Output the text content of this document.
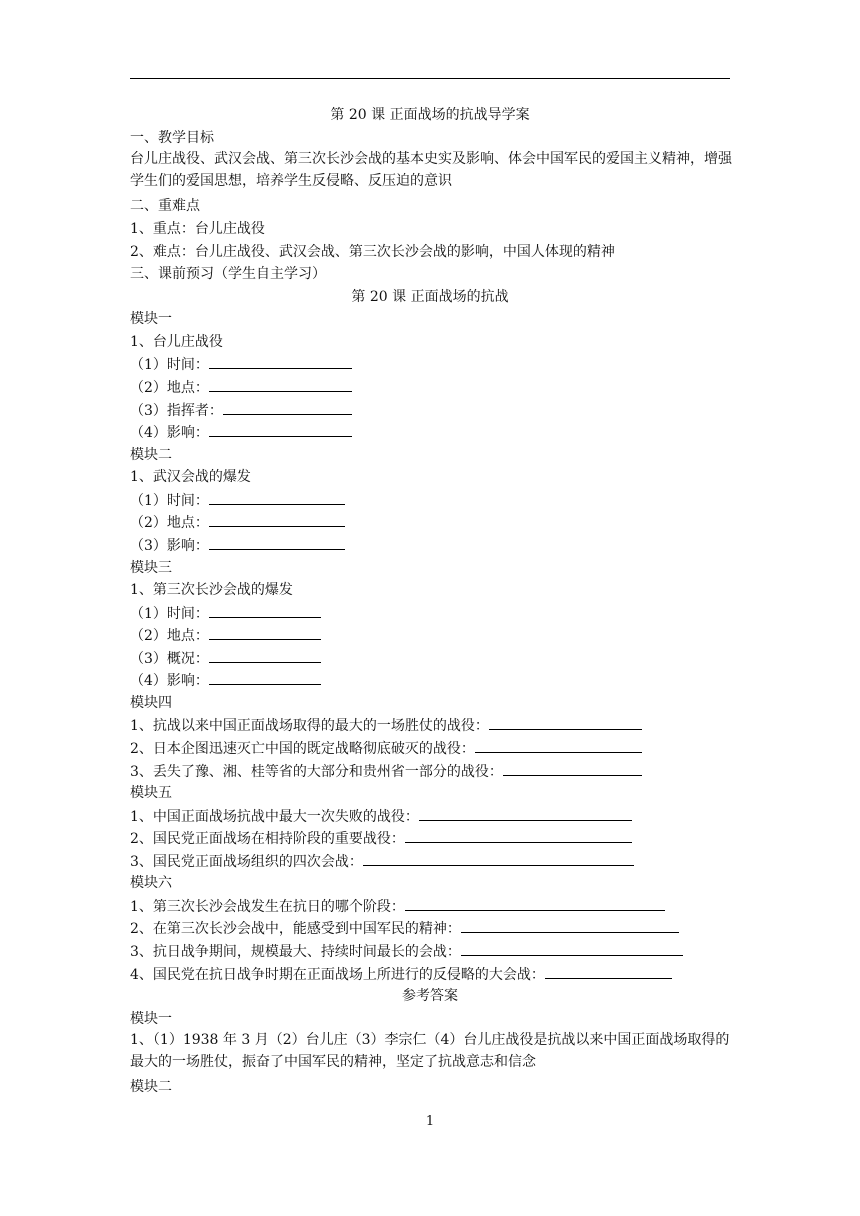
第 20 课 正面战场的抗战导学案
一、教学目标
台儿庄战役、武汉会战、第三次长沙会战的基本史实及影响、体会中国军民的爱国主义精神，增强学生们的爱国思想，培养学生反侵略、反压迫的意识
二、重难点
1、重点：台儿庄战役
2、难点：台儿庄战役、武汉会战、第三次长沙会战的影响，中国人体现的精神
三、课前预习（学生自主学习）
第 20 课 正面战场的抗战
模块一
1、台儿庄战役
（1）时间：
（2）地点：
（3）指挥者：
（4）影响：
模块二
1、武汉会战的爆发
（1）时间：
（2）地点：
（3）影响：
模块三
1、第三次长沙会战的爆发
（1）时间：
（2）地点：
（3）概况：
（4）影响：
模块四
1、抗战以来中国正面战场取得的最大的一场胜仗的战役：
2、日本企图迅速灭亡中国的既定战略彻底破灭的战役：
3、丢失了豫、湘、桂等省的大部分和贵州省一部分的战役：
模块五
1、中国正面战场抗战中最大一次失败的战役：
2、国民党正面战场在相持阶段的重要战役：
3、国民党正面战场组织的四次会战：
模块六
1、第三次长沙会战发生在抗日的哪个阶段：
2、在第三次长沙会战中，能感受到中国军民的精神：
3、抗日战争期间，规模最大、持续时间最长的会战：
4、国民党在抗日战争时期在正面战场上所进行的反侵略的大会战：
参考答案
模块一
1、（1）1938 年 3 月（2）台儿庄（3）李宗仁（4）台儿庄战役是抗战以来中国正面战场取得的最大的一场胜仗，振奋了中国军民的精神，坚定了抗战意志和信念
模块二
1
